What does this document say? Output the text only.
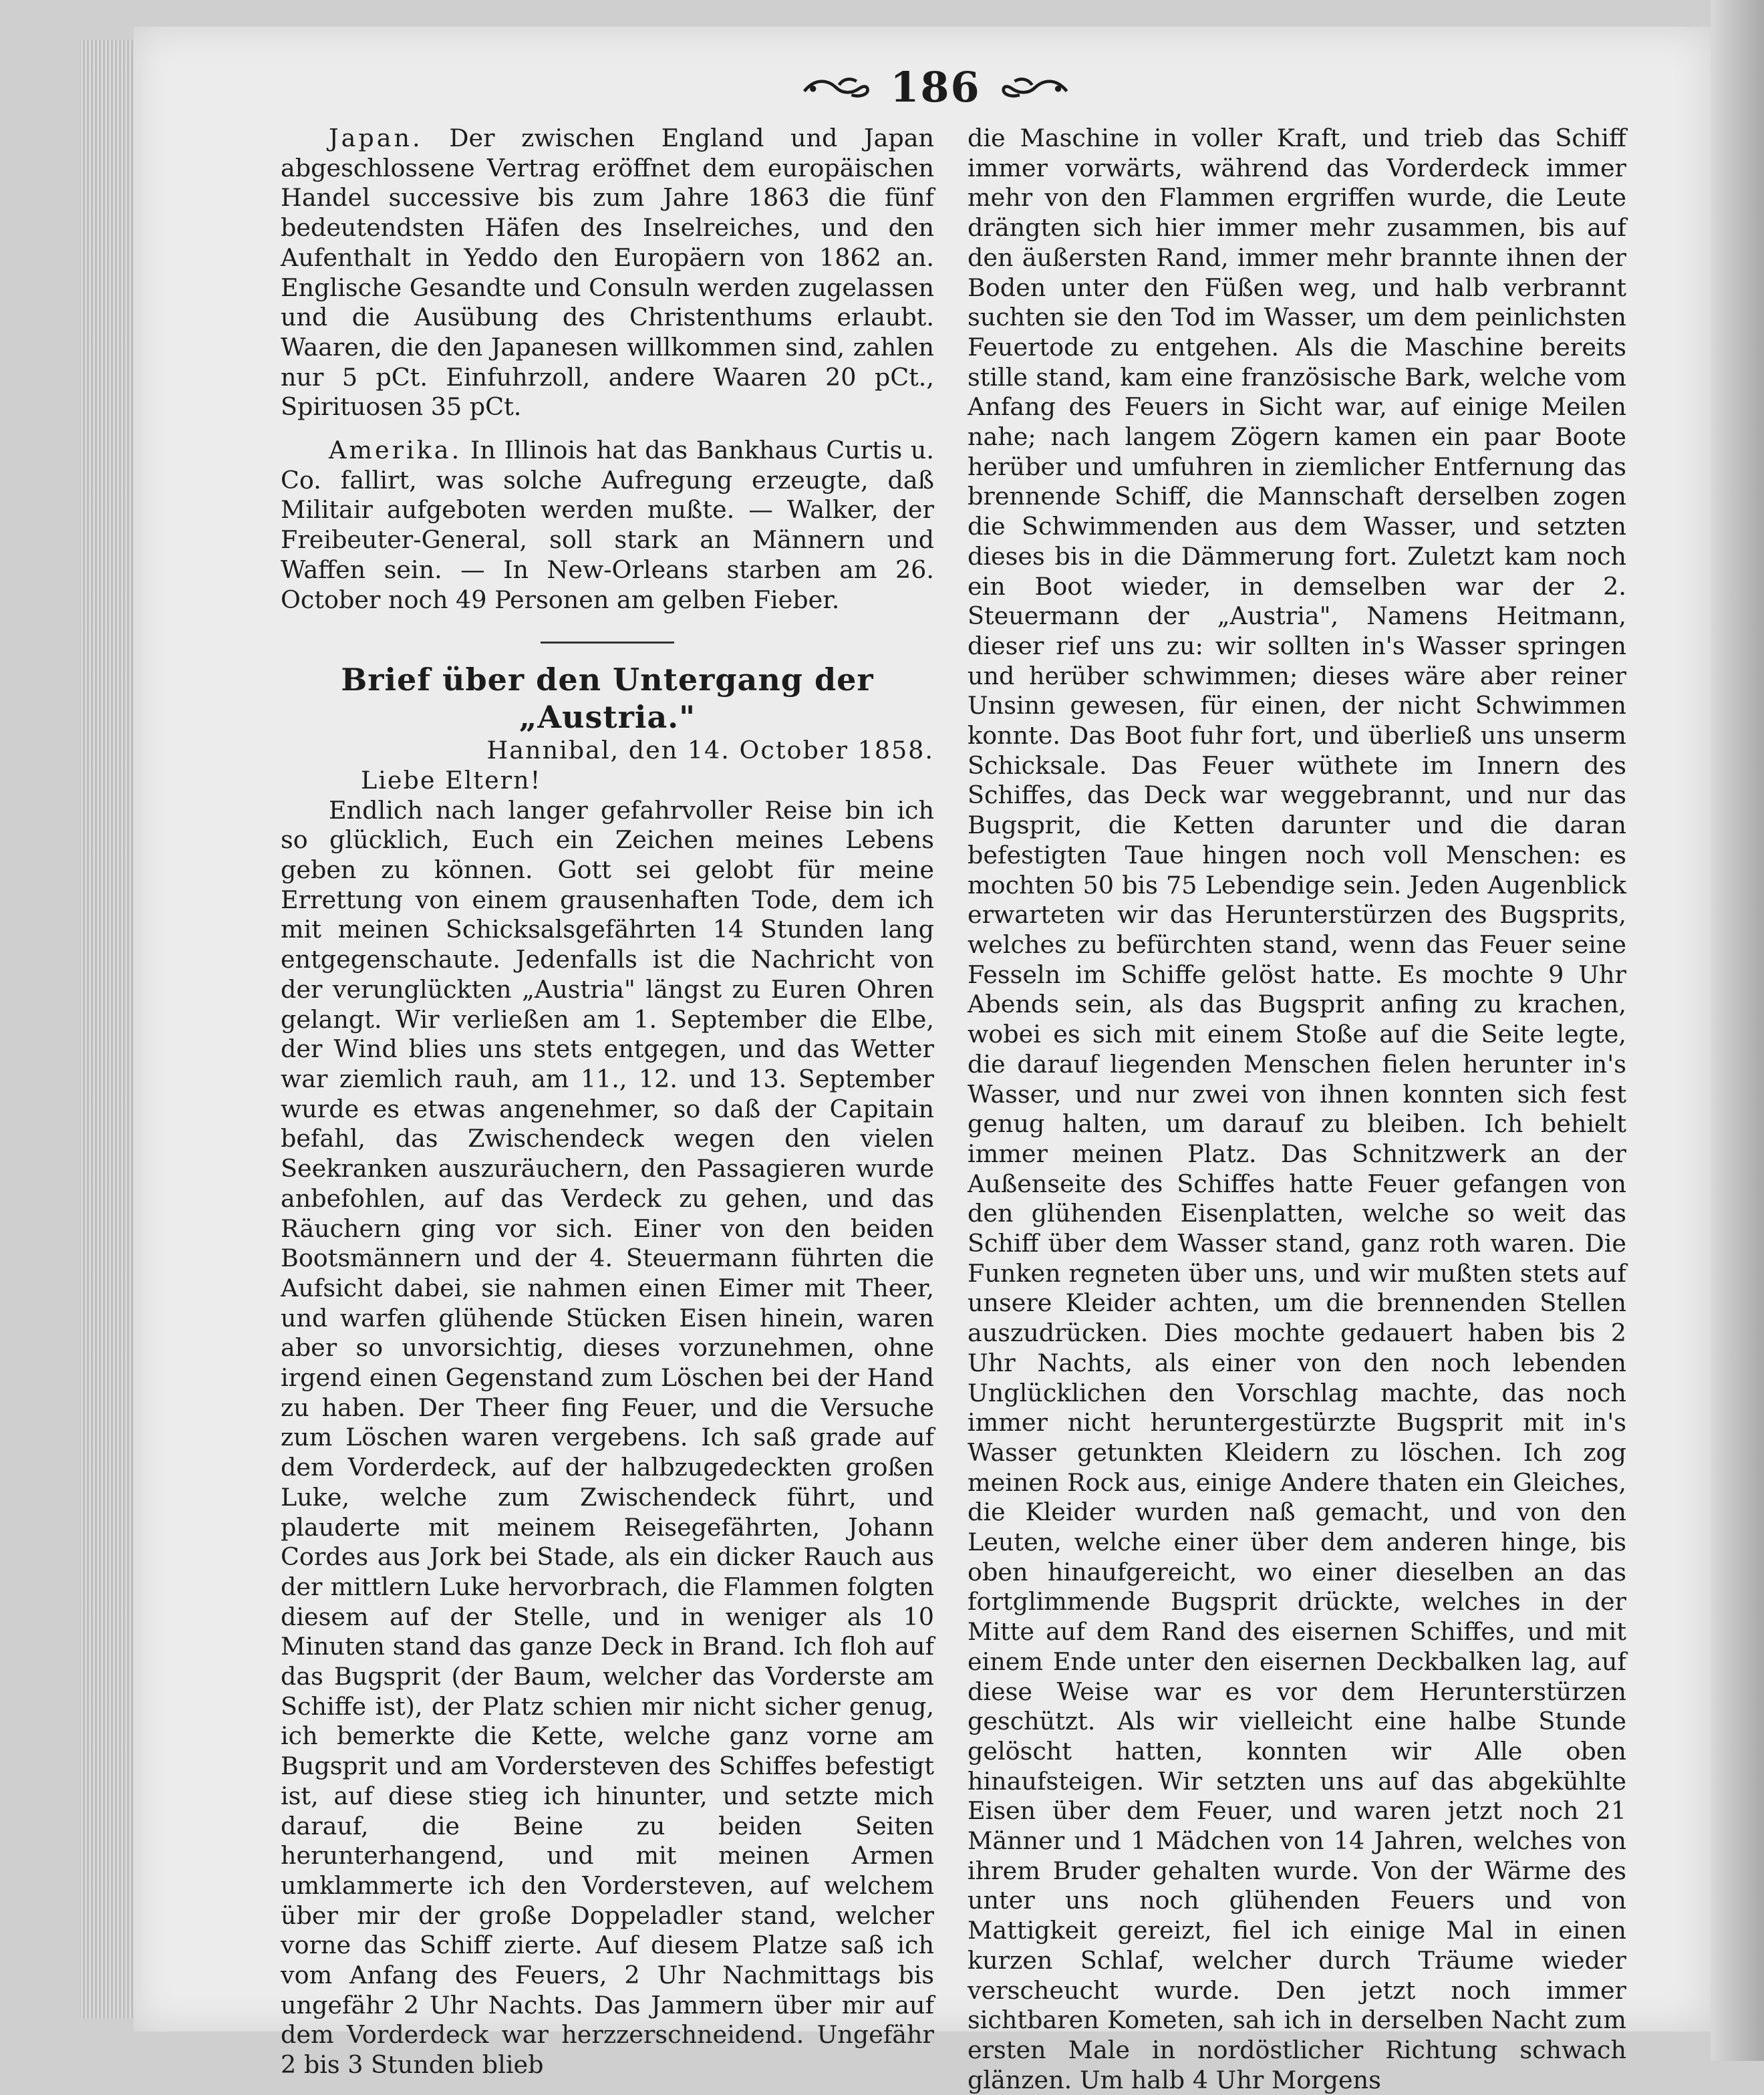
186

Japan. Der zwischen England und Japan abgeschlossene Vertrag eröffnet dem europäischen Handel successive bis zum Jahre 1863 die fünf bedeutendsten Häfen des Inselreiches, und den Aufenthalt in Yeddo den Europäern von 1862 an. Englische Gesandte und Consuln werden zugelassen und die Ausübung des Christenthums erlaubt. Waaren, die den Japanesen willkommen sind, zahlen nur 5 pCt. Einfuhrzoll, andere Waaren 20 pCt., Spirituosen 35 pCt.

Amerika. In Illinois hat das Bankhaus Curtis u. Co. fallirt, was solche Aufregung erzeugte, daß Militair aufgeboten werden mußte. — Walker, der Freibeuter-General, soll stark an Männern und Waffen sein. — In New-Orleans starben am 26. October noch 49 Personen am gelben Fieber.

Brief über den Untergang der „Austria."
Hannibal, den 14. October 1858.

Liebe Eltern!

Endlich nach langer gefahrvoller Reise bin ich so glücklich, Euch ein Zeichen meines Lebens geben zu können. Gott sei gelobt für meine Errettung von einem grausenhaften Tode, dem ich mit meinen Schicksalsgefährten 14 Stunden lang entgegenschaute. Jedenfalls ist die Nachricht von der verunglückten „Austria" längst zu Euren Ohren gelangt. Wir verließen am 1. September die Elbe, der Wind blies uns stets entgegen, und das Wetter war ziemlich rauh, am 11., 12. und 13. September wurde es etwas angenehmer, so daß der Capitain befahl, das Zwischendeck wegen den vielen Seekranken auszuräuchern, den Passagieren wurde anbefohlen, auf das Verdeck zu gehen, und das Räuchern ging vor sich. Einer von den beiden Bootsmännern und der 4. Steuermann führten die Aufsicht dabei, sie nahmen einen Eimer mit Theer, und warfen glühende Stücken Eisen hinein, waren aber so unvorsichtig, dieses vorzunehmen, ohne irgend einen Gegenstand zum Löschen bei der Hand zu haben. Der Theer fing Feuer, und die Versuche zum Löschen waren vergebens. Ich saß grade auf dem Vorderdeck, auf der halbzugedeckten großen Luke, welche zum Zwischendeck führt, und plauderte mit meinem Reisegefährten, Johann Cordes aus Jork bei Stade, als ein dicker Rauch aus der mittlern Luke hervorbrach, die Flammen folgten diesem auf der Stelle, und in weniger als 10 Minuten stand das ganze Deck in Brand. Ich floh auf das Bugsprit (der Baum, welcher das Vorderste am Schiffe ist), der Platz schien mir nicht sicher genug, ich bemerkte die Kette, welche ganz vorne am Bugsprit und am Vordersteven des Schiffes befestigt ist, auf diese stieg ich hinunter, und setzte mich darauf, die Beine zu beiden Seiten herunterhangend, und mit meinen Armen umklammerte ich den Vordersteven, auf welchem über mir der große Doppeladler stand, welcher vorne das Schiff zierte. Auf diesem Platze saß ich vom Anfang des Feuers, 2 Uhr Nachmittags bis ungefähr 2 Uhr Nachts. Das Jammern über mir auf dem Vorderdeck war herzzerschneidend. Ungefähr 2 bis 3 Stunden blieb

die Maschine in voller Kraft, und trieb das Schiff immer vorwärts, während das Vorderdeck immer mehr von den Flammen ergriffen wurde, die Leute drängten sich hier immer mehr zusammen, bis auf den äußersten Rand, immer mehr brannte ihnen der Boden unter den Füßen weg, und halb verbrannt suchten sie den Tod im Wasser, um dem peinlichsten Feuertode zu entgehen. Als die Maschine bereits stille stand, kam eine französische Bark, welche vom Anfang des Feuers in Sicht war, auf einige Meilen nahe; nach langem Zögern kamen ein paar Boote herüber und umfuhren in ziemlicher Entfernung das brennende Schiff, die Mannschaft derselben zogen die Schwimmenden aus dem Wasser, und setzten dieses bis in die Dämmerung fort. Zuletzt kam noch ein Boot wieder, in demselben war der 2. Steuermann der „Austria", Namens Heitmann, dieser rief uns zu: wir sollten in's Wasser springen und herüber schwimmen; dieses wäre aber reiner Unsinn gewesen, für einen, der nicht Schwimmen konnte. Das Boot fuhr fort, und überließ uns unserm Schicksale. Das Feuer wüthete im Innern des Schiffes, das Deck war weggebrannt, und nur das Bugsprit, die Ketten darunter und die daran befestigten Taue hingen noch voll Menschen: es mochten 50 bis 75 Lebendige sein. Jeden Augenblick erwarteten wir das Herunterstürzen des Bugsprits, welches zu befürchten stand, wenn das Feuer seine Fesseln im Schiffe gelöst hatte. Es mochte 9 Uhr Abends sein, als das Bugsprit anfing zu krachen, wobei es sich mit einem Stoße auf die Seite legte, die darauf liegenden Menschen fielen herunter in's Wasser, und nur zwei von ihnen konnten sich fest genug halten, um darauf zu bleiben. Ich behielt immer meinen Platz. Das Schnitzwerk an der Außenseite des Schiffes hatte Feuer gefangen von den glühenden Eisenplatten, welche so weit das Schiff über dem Wasser stand, ganz roth waren. Die Funken regneten über uns, und wir mußten stets auf unsere Kleider achten, um die brennenden Stellen auszudrücken. Dies mochte gedauert haben bis 2 Uhr Nachts, als einer von den noch lebenden Unglücklichen den Vorschlag machte, das noch immer nicht heruntergestürzte Bugsprit mit in's Wasser getunkten Kleidern zu löschen. Ich zog meinen Rock aus, einige Andere thaten ein Gleiches, die Kleider wurden naß gemacht, und von den Leuten, welche einer über dem anderen hinge, bis oben hinaufgereicht, wo einer dieselben an das fortglimmende Bugsprit drückte, welches in der Mitte auf dem Rand des eisernen Schiffes, und mit einem Ende unter den eisernen Deckbalken lag, auf diese Weise war es vor dem Herunterstürzen geschützt. Als wir vielleicht eine halbe Stunde gelöscht hatten, konnten wir Alle oben hinaufsteigen. Wir setzten uns auf das abgekühlte Eisen über dem Feuer, und waren jetzt noch 21 Männer und 1 Mädchen von 14 Jahren, welches von ihrem Bruder gehalten wurde. Von der Wärme des unter uns noch glühenden Feuers und von Mattigkeit gereizt, fiel ich einige Mal in einen kurzen Schlaf, welcher durch Träume wieder verscheucht wurde. Den jetzt noch immer sichtbaren Kometen, sah ich in derselben Nacht zum ersten Male in nordöstlicher Richtung schwach glänzen. Um halb 4 Uhr Morgens
